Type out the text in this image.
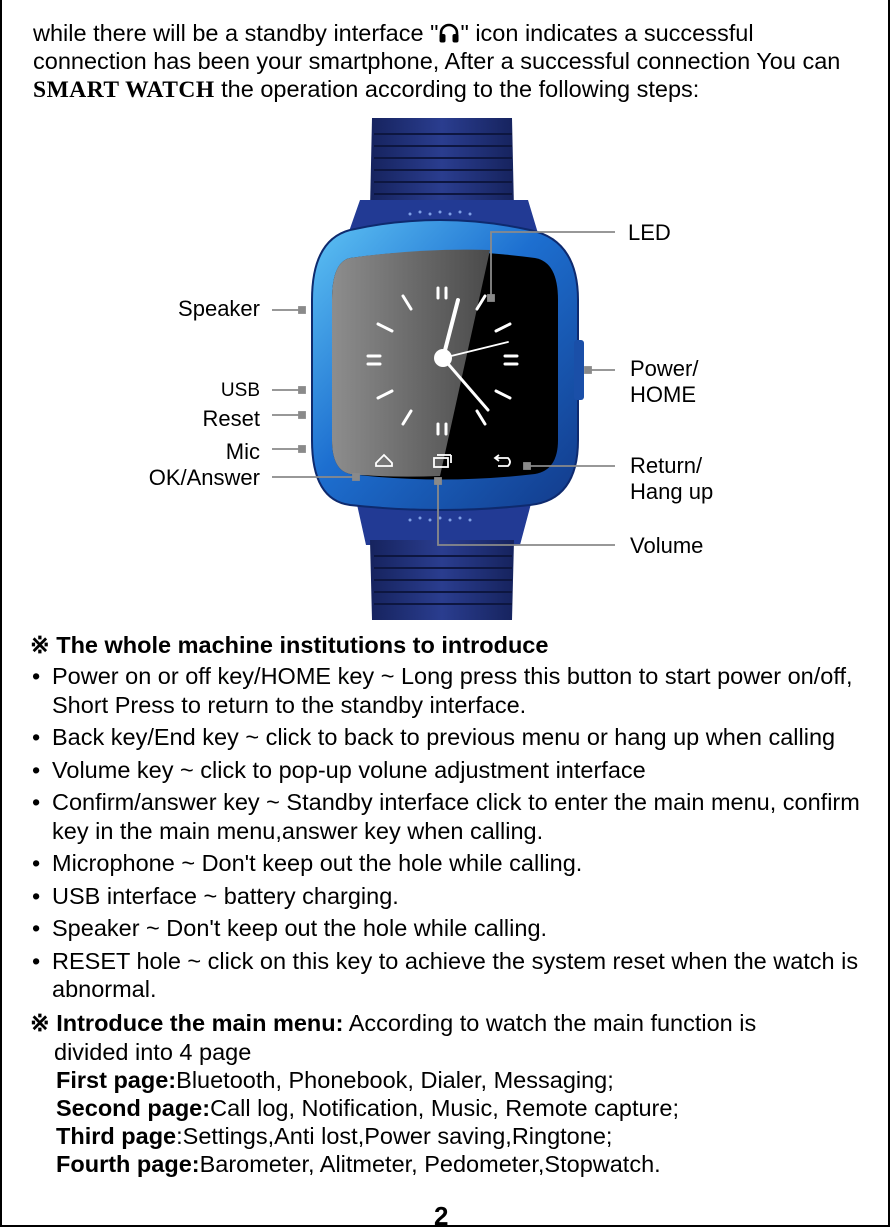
while there will be a standby interface " " icon indicates a successful connection has been your smartphone, After a successful connection You can SMART WATCH the operation according to the following steps:

LED
Speaker
USB
Reset
Mic
OK/Answer
Power/
HOME
Return/
Hang up
Volume
※ The whole machine institutions to introduce
• Power on or off key/HOME key ~ Long press this button to start power on/off, Short Press to return to the standby interface.
• Back key/End key ~ click to back to previous menu or hang up when calling
• Volume key ~ click to pop-up volune adjustment interface
• Confirm/answer key ~ Standby interface click to enter the main menu, confirm key in the main menu,answer key when calling.
• Microphone ~ Don't keep out the hole while calling.
• USB interface ~ battery charging.
• Speaker ~ Don't keep out the hole while calling.
• RESET hole ~ click on this key to achieve the system reset when the watch is abnormal.
※ Introduce the main menu: According to watch the main function is
divided into 4 page
First page:Bluetooth, Phonebook, Dialer, Messaging;
Second page:Call log, Notification, Music, Remote capture;
Third page:Settings,Anti lost,Power saving,Ringtone;
Fourth page:Barometer, Alitmeter, Pedometer,Stopwatch.
2
